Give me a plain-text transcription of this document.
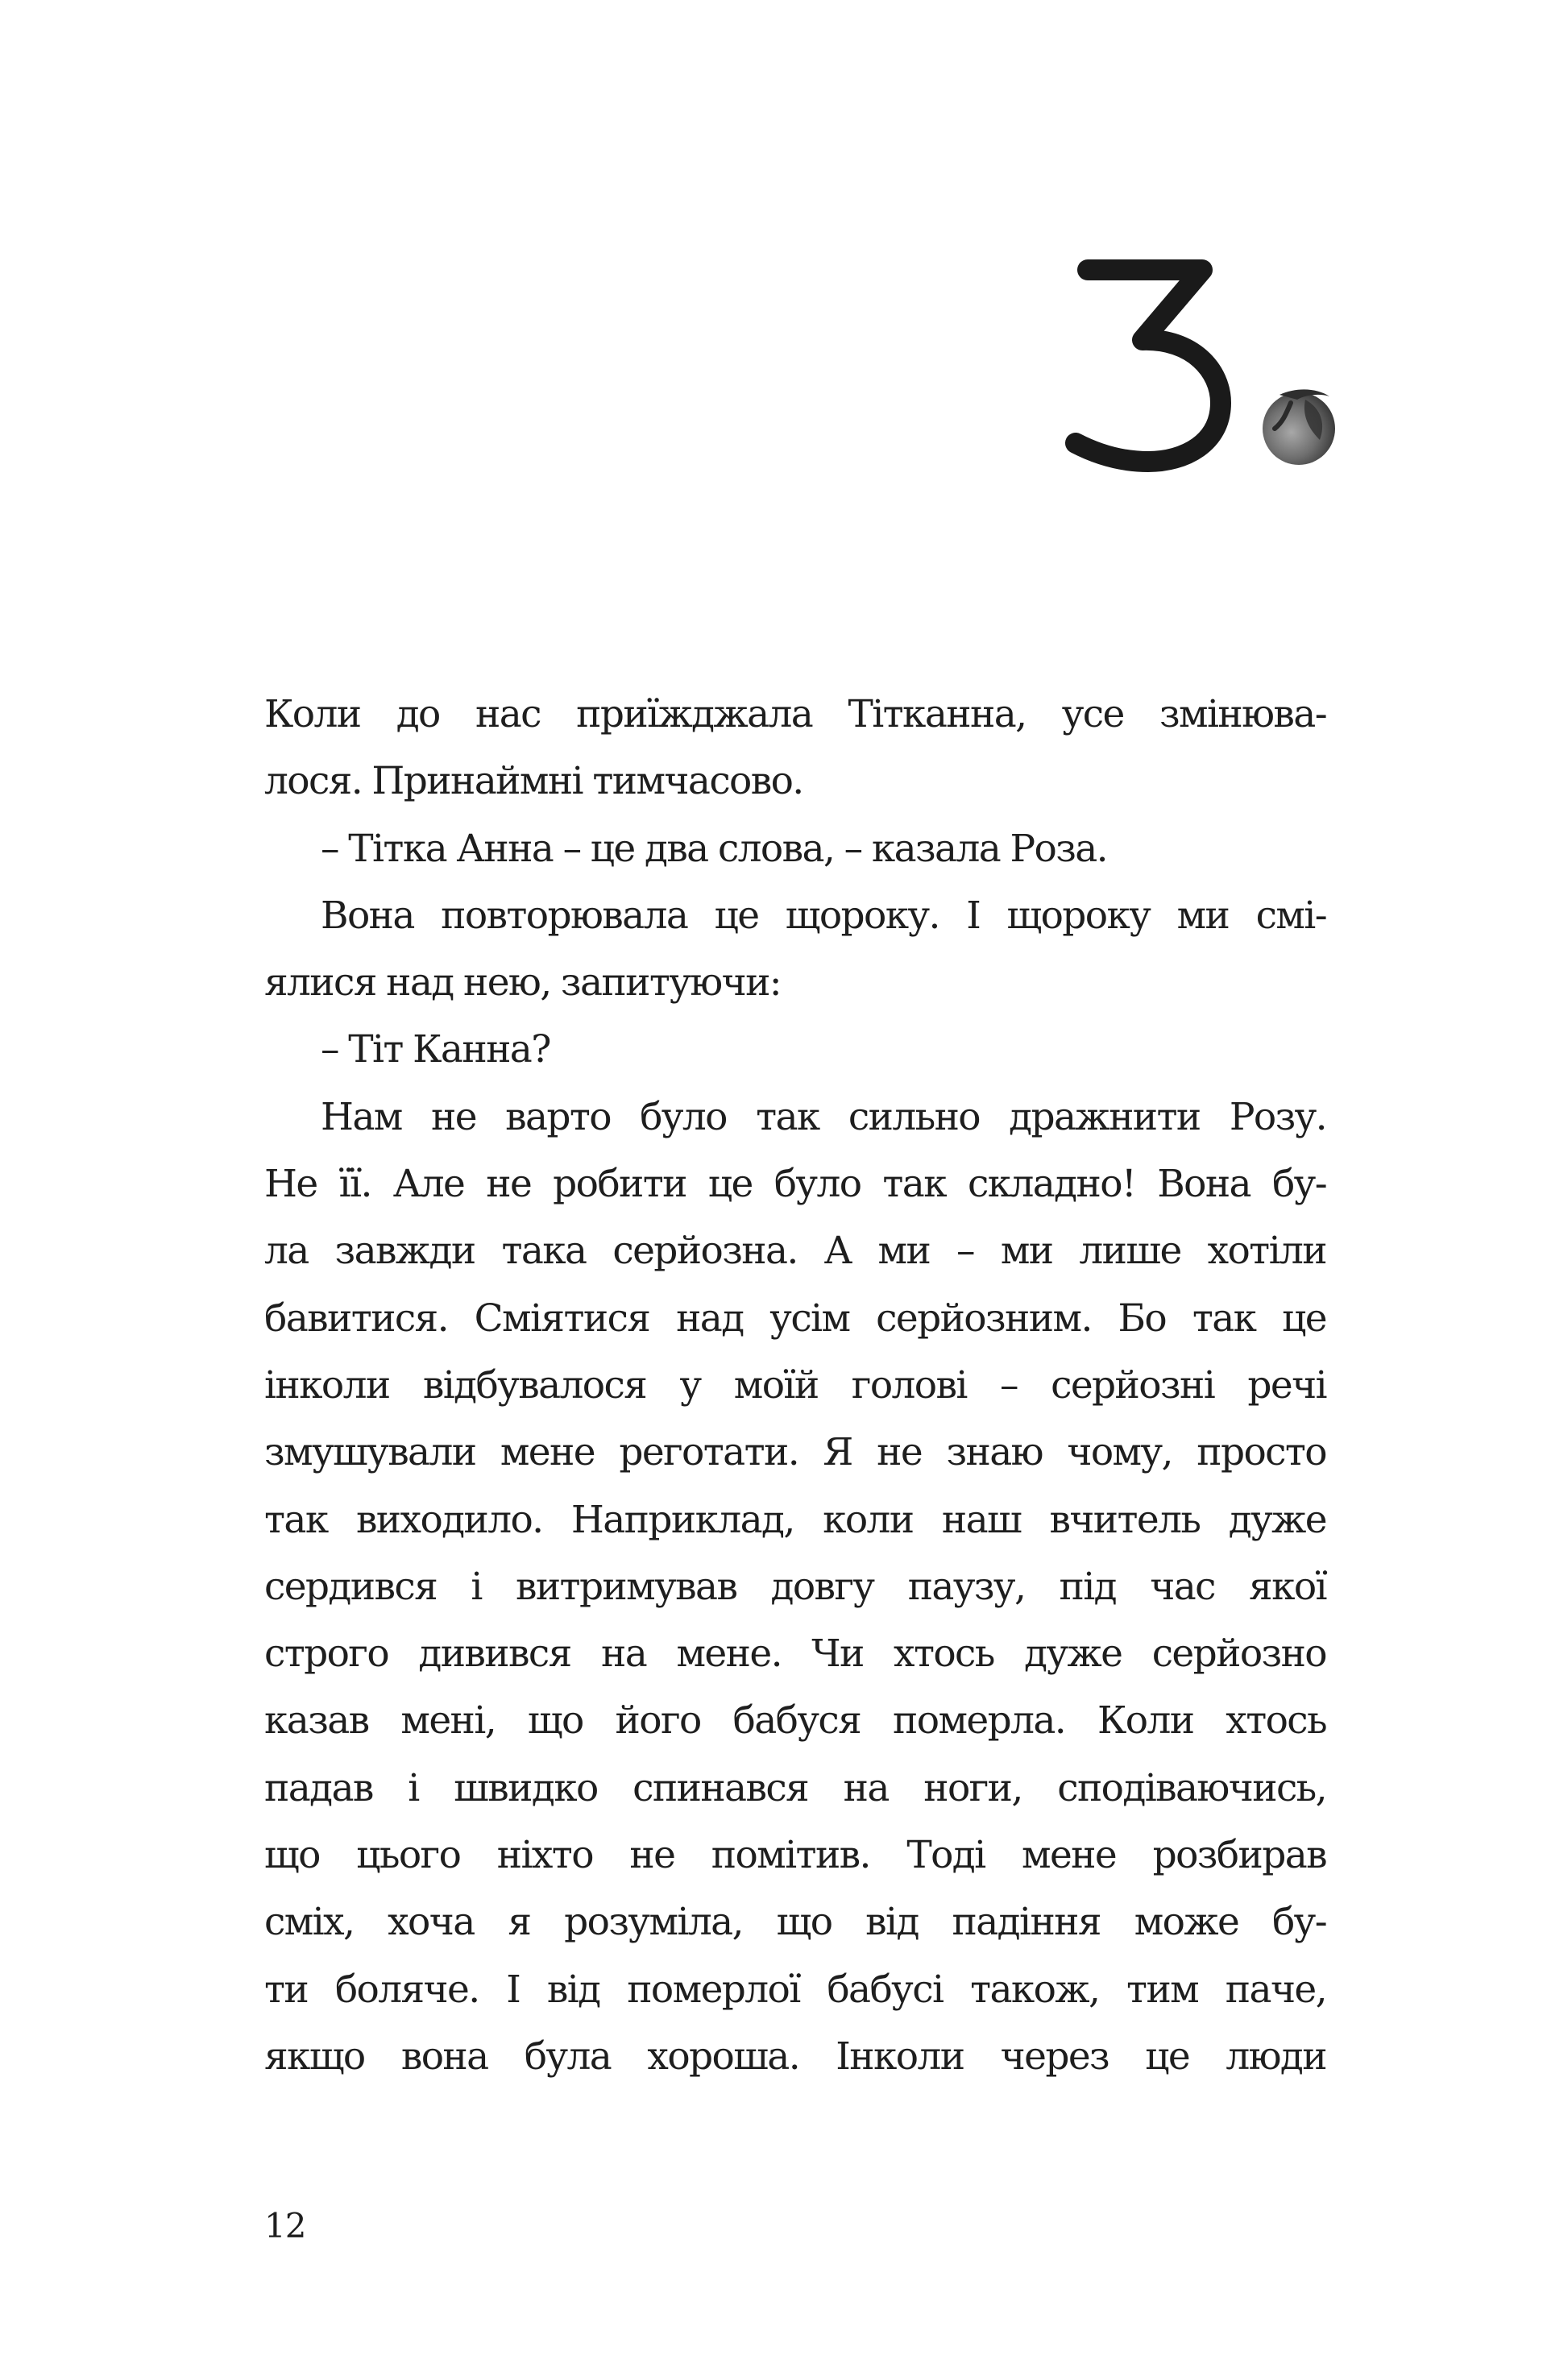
Коли до нас приїжджала Тітканна, усе змінюва-
лося. Принаймні тимчасово.
– Тітка Анна – це два слова, – казала Роза.
Вона повторювала це щороку. І щороку ми смі-
ялися над нею, запитуючи:
– Тіт Канна?
Нам не варто було так сильно дражнити Розу.
Не її. Але не робити це було так складно! Вона бу-
ла завжди така серйозна. А ми – ми лише хотіли
бавитися. Сміятися над усім серйозним. Бо так це
інколи відбувалося у моїй голові – серйозні речі
змушували мене реготати. Я не знаю чому, просто
так виходило. Наприклад, коли наш вчитель дуже
сердився і витримував довгу паузу, під час якої
строго дивився на мене. Чи хтось дуже серйозно
казав мені, що його бабуся померла. Коли хтось
падав і швидко спинався на ноги, сподіваючись,
що цього ніхто не помітив. Тоді мене розбирав
сміх, хоча я розуміла, що від падіння може бу-
ти боляче. І від померлої бабусі також, тим паче,
якщо вона була хороша. Інколи через це люди
12
